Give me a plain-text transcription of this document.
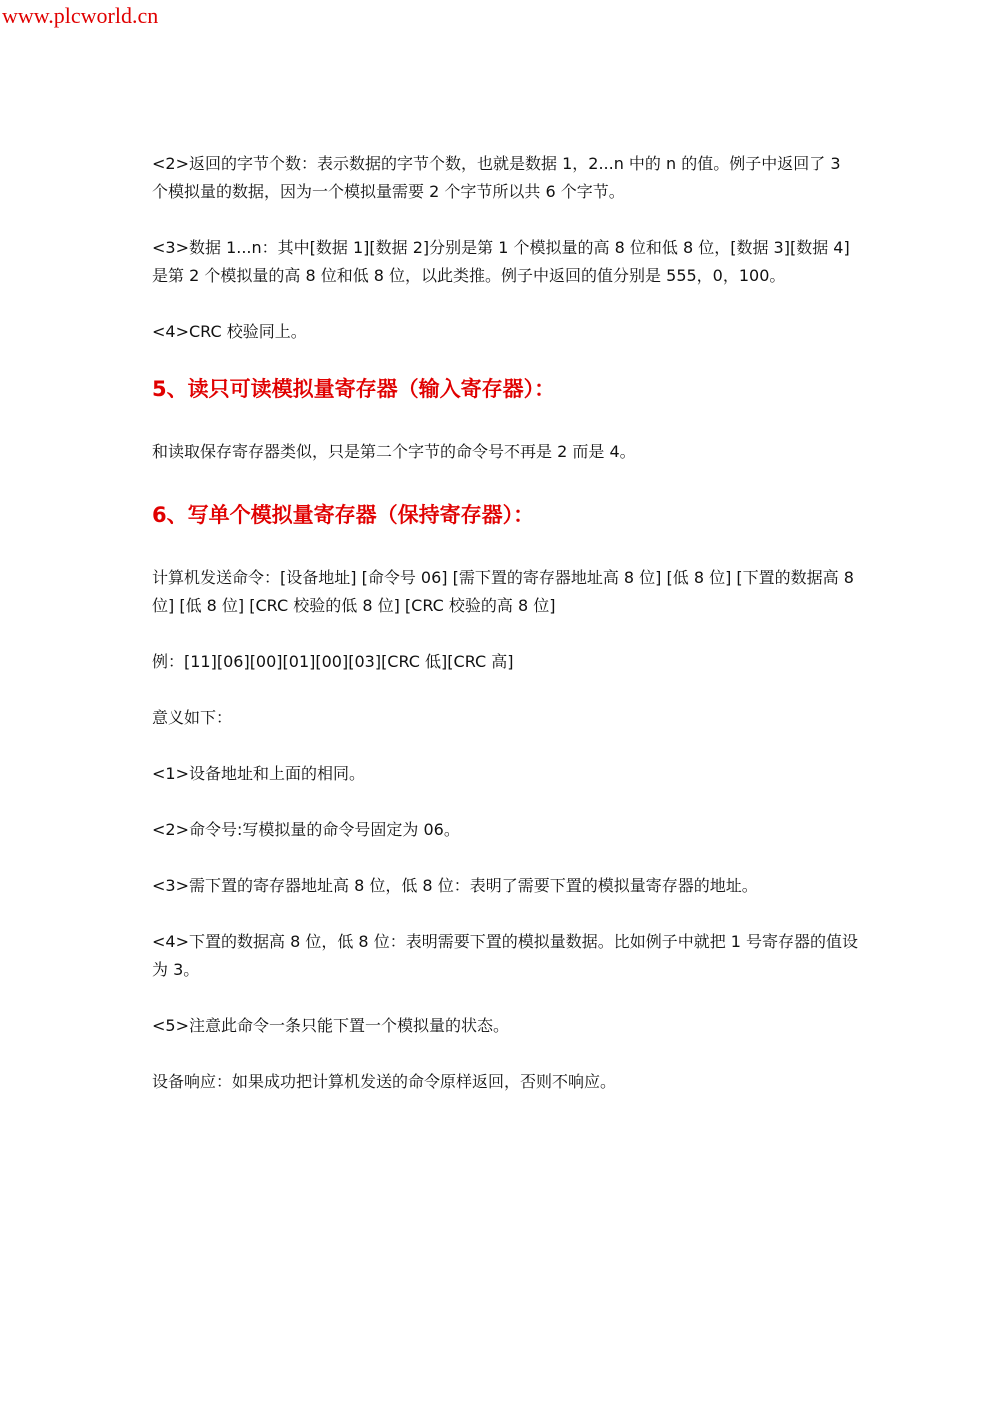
www.plcworld.cn

<2>返回的字节个数：表示数据的字节个数，也就是数据 1，2...n 中的 n 的值。例子中返回了 3 个模拟量的数据，因为一个模拟量需要 2 个字节所以共 6 个字节。

<3>数据 1...n：其中[数据 1][数据 2]分别是第 1 个模拟量的高 8 位和低 8 位，[数据 3][数据 4]是第 2 个模拟量的高 8 位和低 8 位，以此类推。例子中返回的值分别是 555，0，100。

<4>CRC 校验同上。

5、读只可读模拟量寄存器（输入寄存器）：

和读取保存寄存器类似，只是第二个字节的命令号不再是 2 而是 4。

6、写单个模拟量寄存器（保持寄存器）：

计算机发送命令：[设备地址] [命令号 06] [需下置的寄存器地址高 8 位] [低 8 位] [下置的数据高 8 位] [低 8 位] [CRC 校验的低 8 位] [CRC 校验的高 8 位]

例：[11][06][00][01][00][03][CRC 低][CRC 高]

意义如下：

<1>设备地址和上面的相同。

<2>命令号:写模拟量的命令号固定为 06。

<3>需下置的寄存器地址高 8 位，低 8 位：表明了需要下置的模拟量寄存器的地址。

<4>下置的数据高 8 位，低 8 位：表明需要下置的模拟量数据。比如例子中就把 1 号寄存器的值设为 3。

<5>注意此命令一条只能下置一个模拟量的状态。

设备响应：如果成功把计算机发送的命令原样返回，否则不响应。
